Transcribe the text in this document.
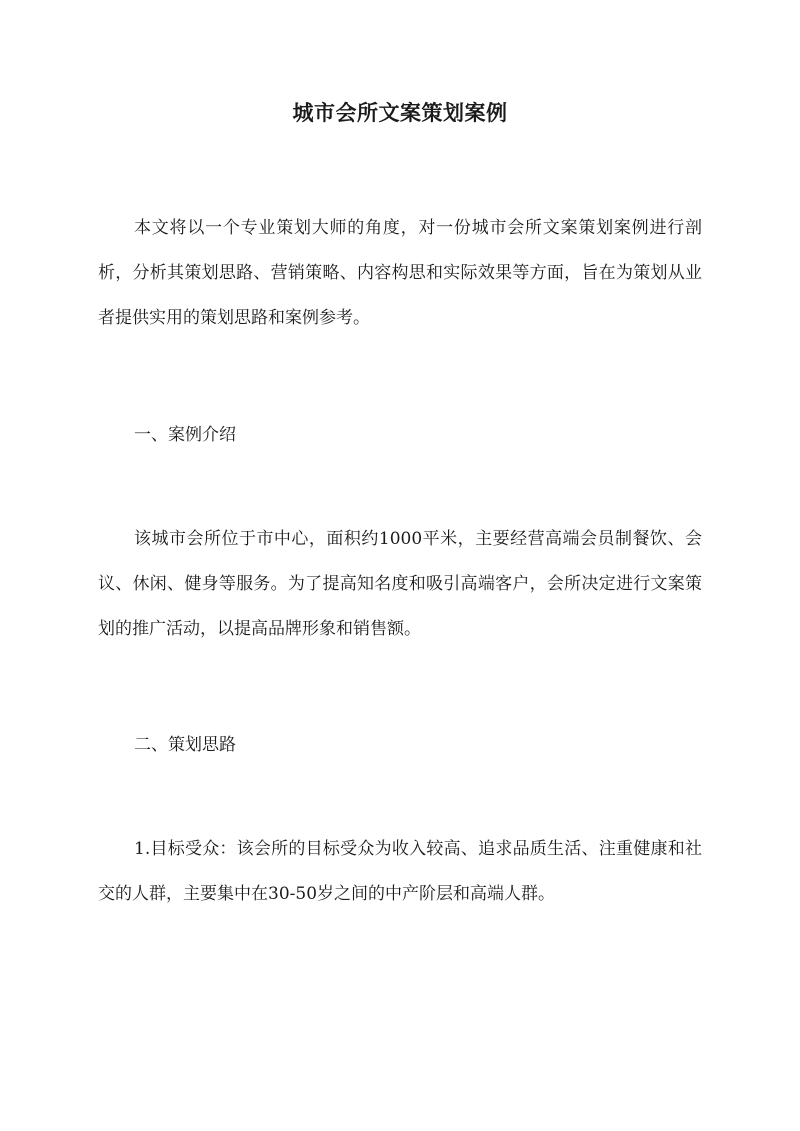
城市会所文案策划案例

本文将以一个专业策划大师的角度，对一份城市会所文案策划案例进行剖析，分析其策划思路、营销策略、内容构思和实际效果等方面，旨在为策划从业者提供实用的策划思路和案例参考。

一、案例介绍

该城市会所位于市中心，面积约1000平米，主要经营高端会员制餐饮、会议、休闲、健身等服务。为了提高知名度和吸引高端客户，会所决定进行文案策划的推广活动，以提高品牌形象和销售额。

二、策划思路

1.目标受众：该会所的目标受众为收入较高、追求品质生活、注重健康和社交的人群，主要集中在30-50岁之间的中产阶层和高端人群。
